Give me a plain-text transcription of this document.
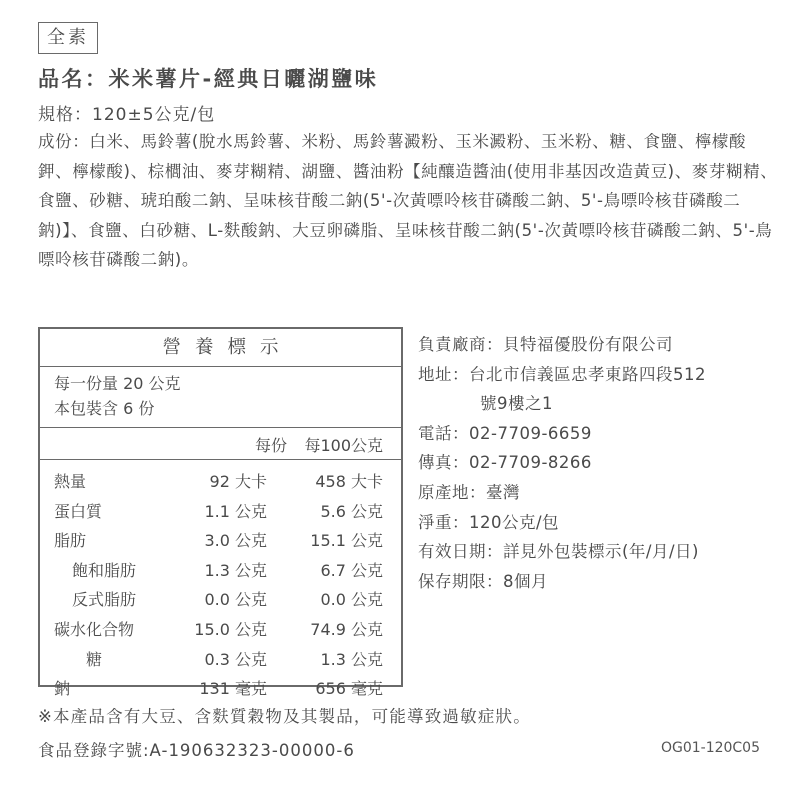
全素
品名：米米薯片-經典日曬湖鹽味
規格：120±5公克/包
成份：白米、馬鈴薯(脫水馬鈴薯、米粉、馬鈴薯澱粉、玉米澱粉、玉米粉、糖、食鹽、檸檬酸鉀、檸檬酸)、棕櫚油、麥芽糊精、湖鹽、醬油粉【純釀造醬油(使用非基因改造黃豆)、麥芽糊精、食鹽、砂糖、琥珀酸二鈉、呈味核苷酸二鈉(5'-次黃嘌呤核苷磷酸二鈉、5'-鳥嘌呤核苷磷酸二鈉)】、食鹽、白砂糖、L-麩酸鈉、大豆卵磷脂、呈味核苷酸二鈉(5'-次黃嘌呤核苷磷酸二鈉、5'-鳥嘌呤核苷磷酸二鈉)。
營養標示
每一份量 20 公克
本包裝含 6 份
每份 每100公克
熱量	92 大卡	458 大卡
蛋白質	1.1 公克	5.6 公克
脂肪	3.0 公克	15.1 公克
飽和脂肪	1.3 公克	6.7 公克
反式脂肪	0.0 公克	0.0 公克
碳水化合物	15.0 公克	74.9 公克
糖	0.3 公克	1.3 公克
鈉	131 毫克	656 毫克
負責廠商：貝特福優股份有限公司
地址：台北市信義區忠孝東路四段512
號9樓之1
電話：02-7709-6659
傳真：02-7709-8266
原產地：臺灣
淨重：120公克/包
有效日期：詳見外包裝標示(年/月/日)
保存期限：8個月
※本產品含有大豆、含麩質穀物及其製品，可能導致過敏症狀。
食品登錄字號:A-190632323-00000-6	OG01-120C05
